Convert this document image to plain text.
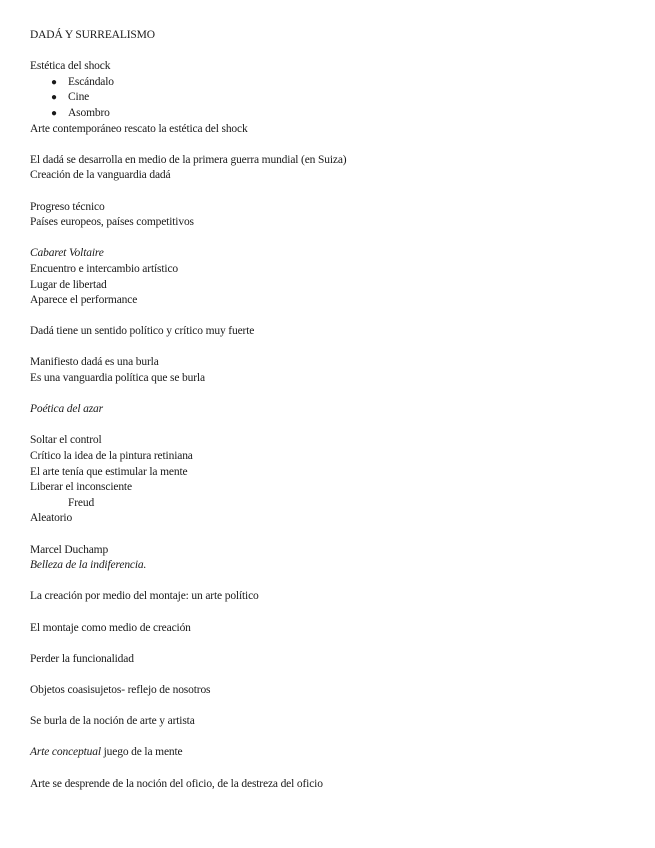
DADÁ Y SURREALISMO
Estética del shock
● Escándalo
● Cine
● Asombro
Arte contemporáneo rescato la estética del shock
El dadá se desarrolla en medio de la primera guerra mundial (en Suiza)
Creación de la vanguardia dadá
Progreso técnico
Países europeos, países competitivos
Cabaret Voltaire
Encuentro e intercambio artístico
Lugar de libertad
Aparece el performance
Dadá tiene un sentido político y crítico muy fuerte
Manifiesto dadá es una burla
Es una vanguardia política que se burla
Poética del azar
Soltar el control
Crítico la idea de la pintura retiniana
El arte tenía que estimular la mente
Liberar el inconsciente
Freud
Aleatorio
Marcel Duchamp
Belleza de la indiferencia.
La creación por medio del montaje: un arte político
El montaje como medio de creación
Perder la funcionalidad
Objetos coasisujetos- reflejo de nosotros
Se burla de la noción de arte y artista
Arte conceptual juego de la mente
Arte se desprende de la noción del oficio, de la destreza del oficio
